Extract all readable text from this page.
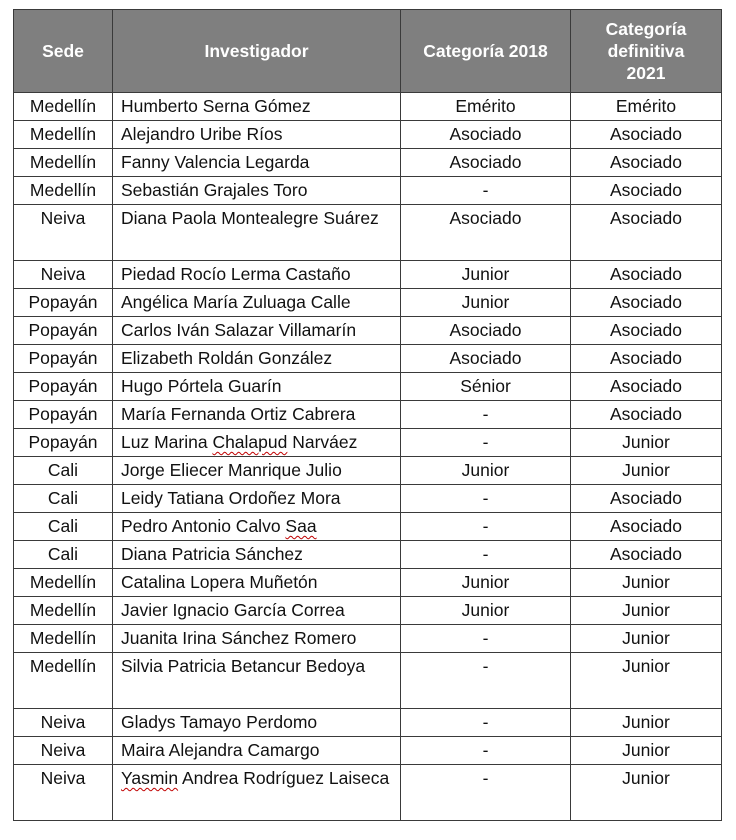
Sede	Investigador	Categoría 2018	Categoría
definitiva
2021
Medellín	Humberto Serna Gómez	Emérito	Emérito
Medellín	Alejandro Uribe Ríos	Asociado	Asociado
Medellín	Fanny Valencia Legarda	Asociado	Asociado
Medellín	Sebastián Grajales Toro	-	Asociado
Neiva	Diana Paola Montealegre Suárez	Asociado	Asociado
Neiva	Piedad Rocío Lerma Castaño	Junior	Asociado
Popayán	Angélica María Zuluaga Calle	Junior	Asociado
Popayán	Carlos Iván Salazar Villamarín	Asociado	Asociado
Popayán	Elizabeth Roldán González	Asociado	Asociado
Popayán	Hugo Pórtela Guarín	Sénior	Asociado
Popayán	María Fernanda Ortiz Cabrera	-	Asociado
Popayán	Luz Marina Chalapud Narváez	-	Junior
Cali	Jorge Eliecer Manrique Julio	Junior	Junior
Cali	Leidy Tatiana Ordoñez Mora	-	Asociado
Cali	Pedro Antonio Calvo Saa	-	Asociado
Cali	Diana Patricia Sánchez	-	Asociado
Medellín	Catalina Lopera Muñetón	Junior	Junior
Medellín	Javier Ignacio García Correa	Junior	Junior
Medellín	Juanita Irina Sánchez Romero	-	Junior
Medellín	Silvia Patricia Betancur Bedoya	-	Junior
Neiva	Gladys Tamayo Perdomo	-	Junior
Neiva	Maira Alejandra Camargo	-	Junior
Neiva	Yasmin Andrea Rodríguez Laiseca	-	Junior
